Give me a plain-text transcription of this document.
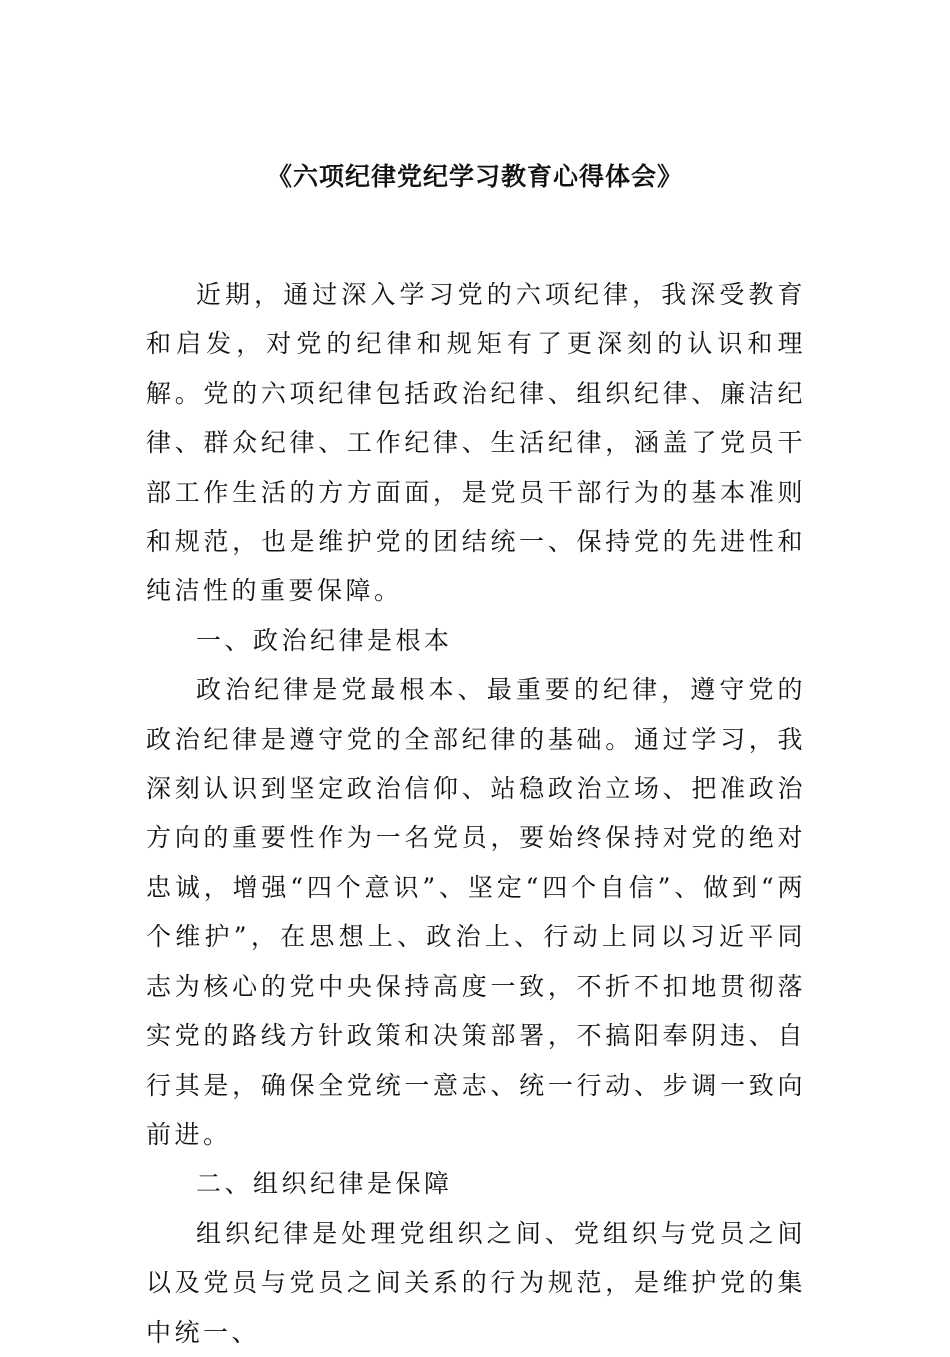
《六项纪律党纪学习教育心得体会》

近期，通过深入学习党的六项纪律，我深受教育和启发，对党的纪律和规矩有了更深刻的认识和理解。党的六项纪律包括政治纪律、组织纪律、廉洁纪律、群众纪律、工作纪律、生活纪律，涵盖了党员干部工作生活的方方面面，是党员干部行为的基本准则和规范，也是维护党的团结统一、保持党的先进性和纯洁性的重要保障。

一、政治纪律是根本

政治纪律是党最根本、最重要的纪律，遵守党的政治纪律是遵守党的全部纪律的基础。通过学习，我深刻认识到坚定政治信仰、站稳政治立场、把准政治方向的重要性作为一名党员，要始终保持对党的绝对忠诚，增强“四个意识”、坚定“四个自信”、做到“两个维护”，在思想上、政治上、行动上同以习近平同志为核心的党中央保持高度一致，不折不扣地贯彻落实党的路线方针政策和决策部署，不搞阳奉阴违、自行其是，确保全党统一意志、统一行动、步调一致向前进。

二、组织纪律是保障

组织纪律是处理党组织之间、党组织与党员之间以及党员与党员之间关系的行为规范，是维护党的集中统一、
